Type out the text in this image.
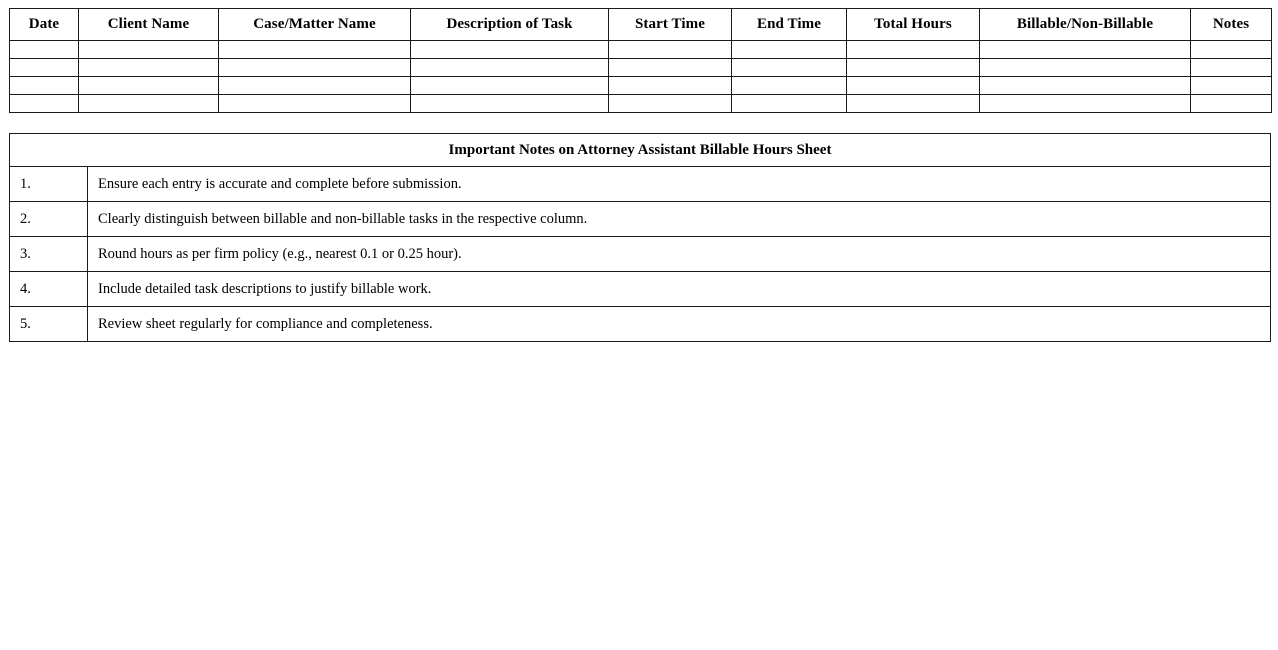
Date	Client Name	Case/Matter Name	Description of Task	Start Time	End Time	Total Hours	Billable/Non-Billable	Notes

Important Notes on Attorney Assistant Billable Hours Sheet	
1.	Ensure each entry is accurate and complete before submission.
2.	Clearly distinguish between billable and non-billable tasks in the respective column.
3.	Round hours as per firm policy (e.g., nearest 0.1 or 0.25 hour).
4.	Include detailed task descriptions to justify billable work.
5.	Review sheet regularly for compliance and completeness.
